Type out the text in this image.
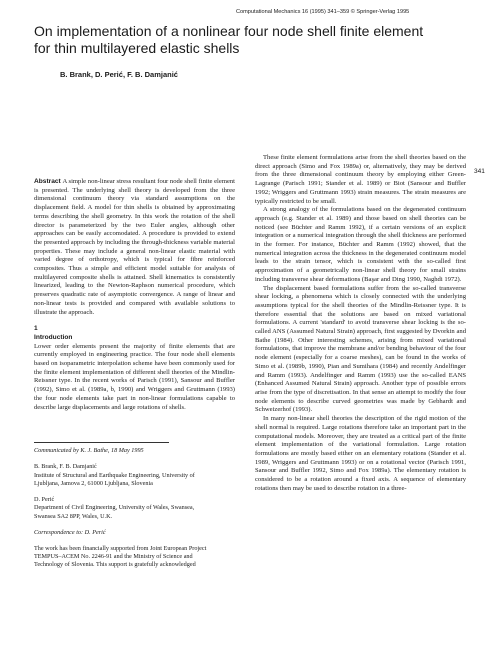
Computational Mechanics 16 (1995) 341–359 © Springer-Verlag 1995
341
On implementation of a nonlinear four node shell finite element
for thin multilayered elastic shells
B. Brank, D. Perić, F. B. Damjanić

Abstract A simple non-linear stress resultant four node shell finite element is presented. The underlying shell theory is developed from the three dimensional continuum theory via standard assumptions on the displacement field. A model for thin shells is obtained by approximating terms describing the shell geometry. In this work the rotation of the shell director is parameterized by the two Euler angles, although other approaches can be easily accomodated. A procedure is provided to extend the presented approach by including the through-thickness variable material properties. These may include a general non-linear elastic material with varied degree of orthotropy, which is typical for fibre reinforced composites. Thus a simple and efficient model suitable for analysis of multilayered composite shells is attained. Shell kinematics is consistently linearized, leading to the Newton-Raphson numerical procedure, which preserves quadratic rate of asymptotic convergence. A range of linear and non-linear tests is provided and compared with available solutions to illustrate the approach.

1
Introduction

Lower order elements present the majority of finite elements that are currently employed in engineering practice. The four node shell elements based on isoparametric interpolation scheme have been commonly used for the finite element implementation of different shell theories of the Mindlin-Reissner type. In the recent works of Parisch (1991), Sansour and Buffler (1992), Simo et al. (1989a, b, 1990) and Wriggers and Gruttmann (1993) the four node elements take part in non-linear formulations capable to describe large displacements and large rotations of shells.

Communicated by K. J. Bathe, 18 May 1995
B. Brank, F. B. Damjanić
Institute of Structural and Earthquake Engineering, University of
Ljubljana, Jamova 2, 61000 Ljubljana, Slovenia
D. Perić
Department of Civil Engineering, University of Wales, Swansea,
Swansea SA2 8PP, Wales, U.K.
Correspondence to: D. Perić
The work has been financially supported from Joint European Project
TEMPUS–ACEM No. 2246-91 and the Ministry of Science and
Technology of Slovenia. This support is gratefully acknowledged

These finite element formulations arise from the shell theories based on the direct approach (Simo and Fox 1989a) or, alternatively, they may be derived from the three dimensional continuum theory by employing either Green-Lagrange (Parisch 1991; Stander et al. 1989) or Biot (Sansour and Buffler 1992; Wriggers and Gruttmann 1993) strain measures. The strain measures are typically restricted to be small.

A strong analogy of the formulations based on the degenerated continuum approach (e.g. Stander et al. 1989) and those based on shell theories can be noticed (see Büchter and Ramm 1992), if a certain versions of an explicit integration or a numerical integration through the shell thickness are performed in the former. For instance, Büchter and Ramm (1992) showed, that the numerical integration across the thickness in the degenerated continuum model leads to the strain tensor, which is consistent with the so-called first approximation of a geometrically non-linear shell theory for small strains including transverse shear deformations (Başar and Ding 1990, Naghdi 1972).

The displacement based formulations suffer from the so-called transverse shear locking, a phenomena which is closely connected with the underlying assumptions typical for the shell theories of the Mindlin-Reissner type. It is therefore essential that the solutions are based on mixed variational formulations. A current 'standard' to avoid transverse shear locking is the so-called ANS (Assumed Natural Strain) approach, first suggested by Dvorkin and Bathe (1984). Other interesting schemes, arising from mixed variational formulations, that improve the membrane and/or bending behaviour of the four node element (especially for a coarse meshes), can be found in the works of Simo et al. (1989b, 1990), Pian and Sumihara (1984) and recently Andelfinger and Ramm (1993). Andelfinger and Ramm (1993) use the so-called EANS (Enhanced Assumed Natural Strain) approach. Another type of possible errors arise from the type of discretisation. In that sense an attempt to modify the four node elements to describe curved geometries was made by Gebhardt and Schweizerhof (1993).

In many non-linear shell theories the description of the rigid motion of the shell normal is required. Large rotations therefore take an important part in the computational models. Moreover, they are treated as a critical part of the finite element implementation of the variational formulation. Large rotation formulations are mostly based either on an elementary rotations (Stander et al. 1989, Wriggers and Gruttmann 1993) or on a rotational vector (Parisch 1991, Sansour and Buffler 1992, Simo and Fox 1989a). The elementary rotation is considered to be a rotation around a fixed axis. A sequence of elementary rotations then may be used to describe rotation in a three-
